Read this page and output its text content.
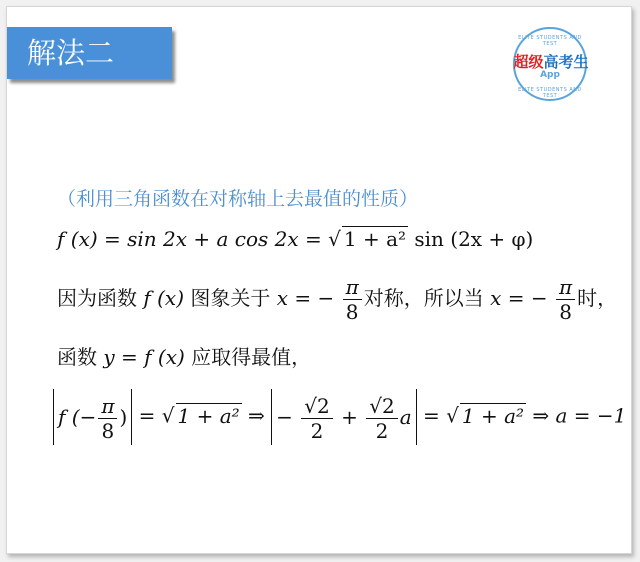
解法二	ELITE STUDENTS AND TEST
超级高考生
App
ELITE STUDENTS AND TEST
（利用三角函数在对称轴上去最值的性质）
f (x) = sin 2x + a cos 2x = √ 1 + a² sin (2x + φ)
因为函数 f (x) 图象关于 x = − $\frac{\pi}{8}$ 对称，所以当 x = − $\frac{\pi}{8}$ 时，
函数 y = f (x) 应取得最值，
f (− $\frac{\pi}{8}$ ) = √ 1 + a² ⇒ − $\frac{√2}{2} + \frac{√2}{2}$ a = √ 1 + a² ⇒ a = −1
